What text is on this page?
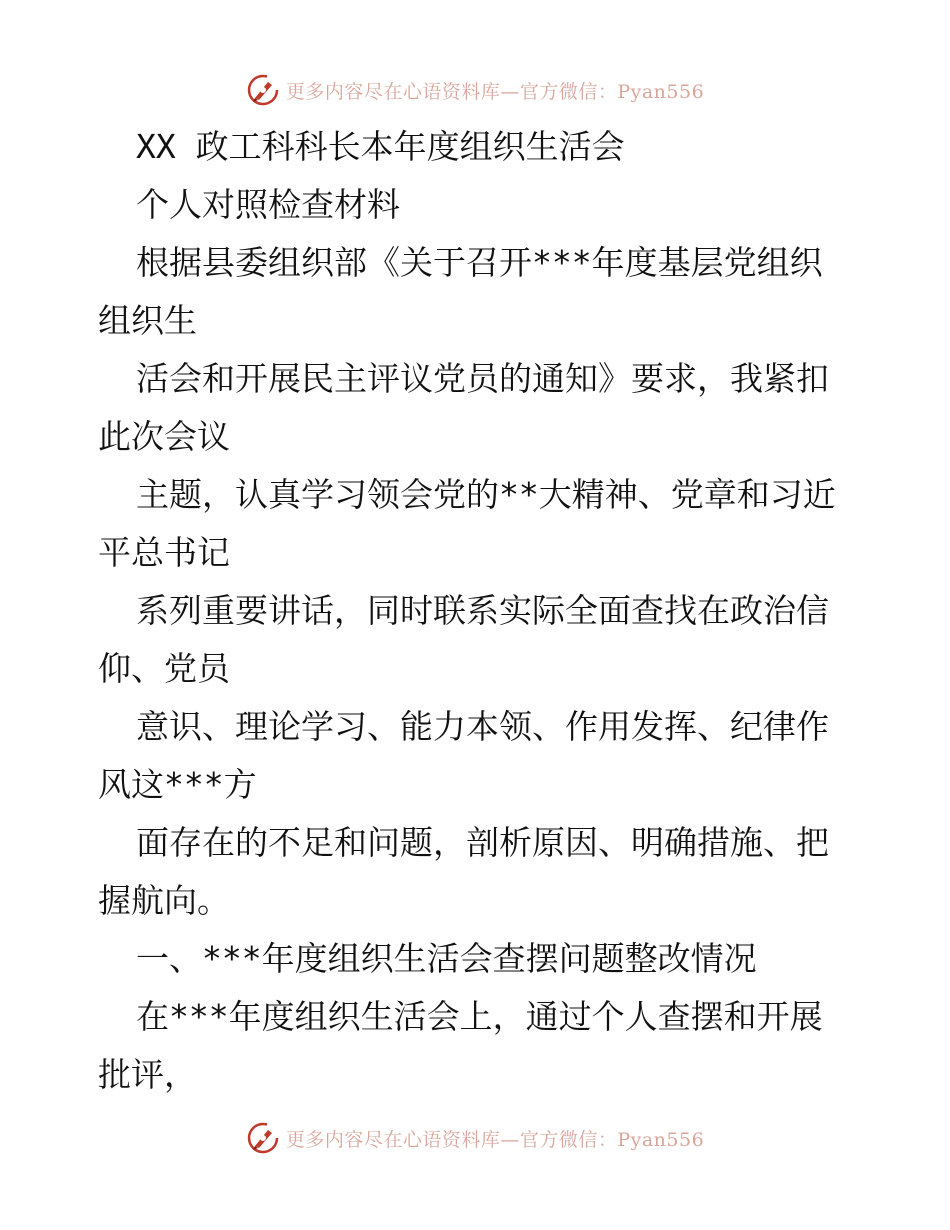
更多内容尽在心语资料库—官方微信：Pyan556
XX 政工科科长本年度组织生活会
个人对照检查材料
根据县委组织部《关于召开***年度基层党组织
组织生
活会和开展民主评议党员的通知》要求，我紧扣
此次会议
主题，认真学习领会党的**大精神、党章和习近
平总书记
系列重要讲话，同时联系实际全面查找在政治信
仰、党员
意识、理论学习、能力本领、作用发挥、纪律作
风这***方
面存在的不足和问题，剖析原因、明确措施、把
握航向。
一、***年度组织生活会查摆问题整改情况
在***年度组织生活会上，通过个人查摆和开展
批评，
更多内容尽在心语资料库—官方微信：Pyan556
